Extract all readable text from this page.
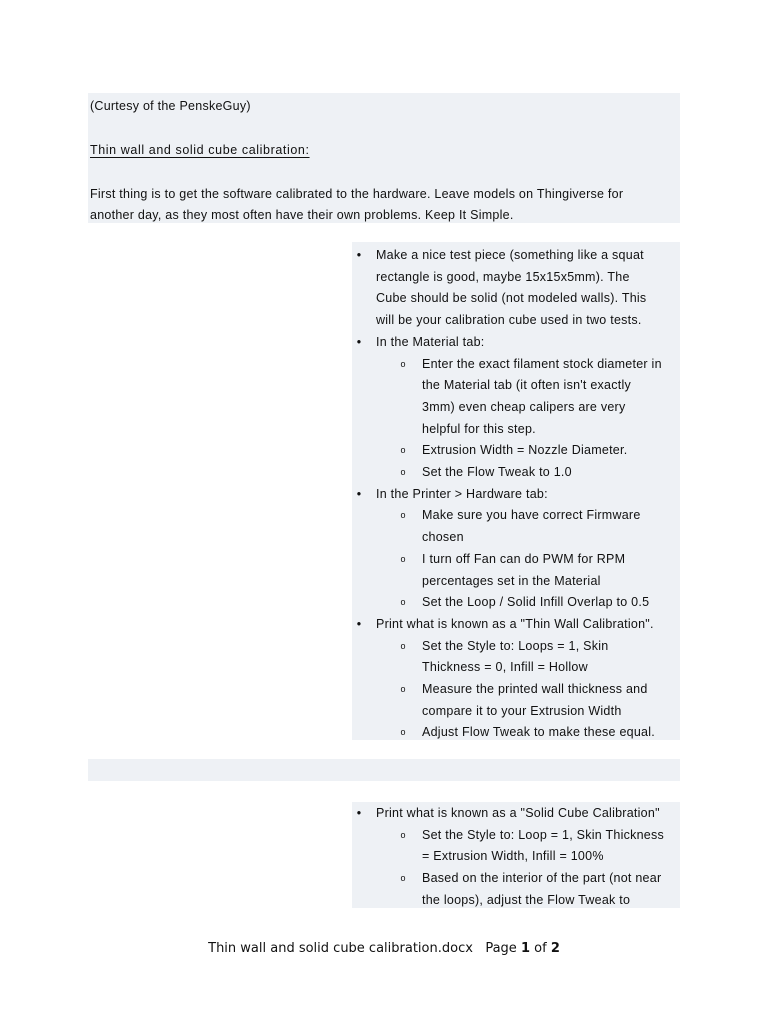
(Curtesy of the PenskeGuy)
Thin wall and solid cube calibration:
First thing is to get the software calibrated to the hardware. Leave models on Thingiverse for
another day, as they most often have their own problems. Keep It Simple.
•	Make a nice test piece (something like a squat
rectangle is good, maybe 15x15x5mm). The
Cube should be solid (not modeled walls). This
will be your calibration cube used in two tests.
•	In the Material tab:
o	Enter the exact filament stock diameter in
the Material tab (it often isn't exactly
3mm) even cheap calipers are very
helpful for this step.
o	Extrusion Width = Nozzle Diameter.
o	Set the Flow Tweak to 1.0
•	In the Printer > Hardware tab:
o	Make sure you have correct Firmware
chosen
o	I turn off Fan can do PWM for RPM
percentages set in the Material
o	Set the Loop / Solid Infill Overlap to 0.5
•	Print what is known as a "Thin Wall Calibration".
o	Set the Style to: Loops = 1, Skin
Thickness = 0, Infill = Hollow
o	Measure the printed wall thickness and
compare it to your Extrusion Width
o	Adjust Flow Tweak to make these equal.
•	Print what is known as a "Solid Cube Calibration"
o	Set the Style to: Loop = 1, Skin Thickness
= Extrusion Width, Infill = 100%
o	Based on the interior of the part (not near
the loops), adjust the Flow Tweak to
Thin wall and solid cube calibration.docx Page 1 of 2
